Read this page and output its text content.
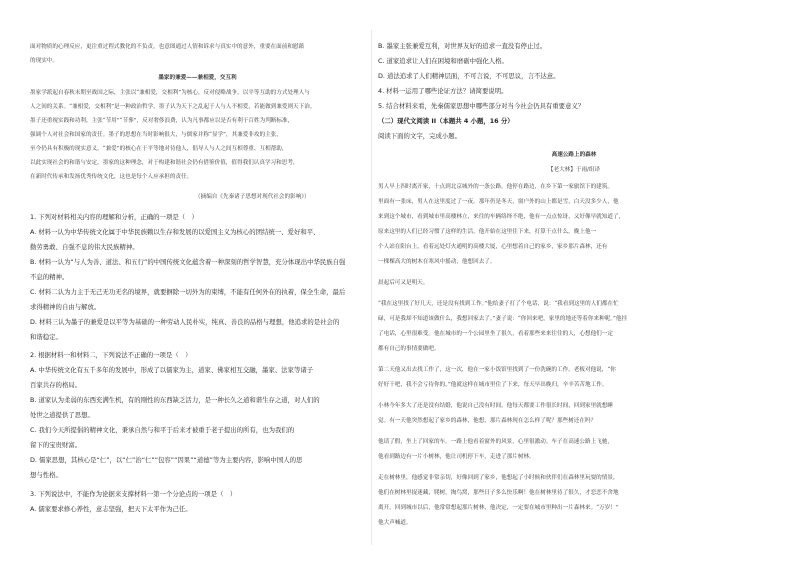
面对物质的心理反应，更注重过程式教化的不负责，也意图通过人情和诉求与真实中的意外，重要在面前和慰藉
的现实中。
墨家的兼爱——兼相爱，交互利
墨家学派起自春秋末期至战国之际，主张以“兼相爱，交相利”为核心，反对侵略战争，以平等互助的方式处理人与
人之间的关系。“兼相爱，交相利”是一种政治哲学，墨子认为天下之乱起于人与人不相爱，若能做到兼爱则天下治。
墨子还重视实践和功利，主张“节用”“节葬”，反对奢侈浪费，认为凡事都应以是否有利于百姓为判断标准，
强调个人对社会和国家的责任。墨子的思想在当时影响很大，与儒家并称“显学”，其兼爱非攻的主张，
至今仍具有积极的现实意义。“兼爱”的核心在于平等地对待他人，倡导人与人之间互相尊重、互相帮助，
以此实现社会的和谐与安定。墨家的这种理念，对于构建和谐社会仍有借鉴价值，值得我们认真学习和思考，
在新时代传承和发扬优秀传统文化，这也是每个人应承担的责任。
（摘编自《先秦诸子思想对现代社会的影响》）
1. 下列对材料相关内容的理解和分析，正确的一项是（　）
A. 材料一认为中华传统文化属于中华民族赖以生存和发展的以爱国主义为核心的团结统一、爱好和平、
勤劳勇敢、自强不息的伟大民族精神。
B. 材料一认为“与人为善、道法、和五行”的中国传统文化蕴含着一种深刻的哲学智慧，充分体现出中华民族自强
不息的精神。
C. 材料二认为力主于无己无功无名的境界，就要摒除一切外为的束缚，不能有任何外在的执着，保全生命，最后
求得精神的自由与解放。
D. 材料三认为墨子的兼爱是以平等为基础的一种劳动人民朴实，纯真、善良的品格与理想，他追求的是社会的
和谐稳定。
2. 根据材料一和材料二，下列说法不正确的一项是（　）
A. 中华传统文化有五千多年的发展中，形成了以儒家为主，道家、佛家相互交融，墨家、法家等诸子
百家共存的格局。
B. 道家认为柔弱的东西充满生机，有的刚性的东西缺乏活力，是一种长久之道和谐生存之道，对人们的
处世之道提供了思想。
C. 我们今天所提倡的精神文化，秉承自然与和平于后来才被重于老子提出的所有，也为我们的
留下的宝贵财富。
D. 儒家思想，其核心是“仁”，以“仁”治“仁”“包容”“因果”“道德”等为主要内容，影响中国人的思
想与性格。
3. 下列说法中，不能作为论据来支撑材料一第一个分论点的一项是（　）
A. 儒家要求修心养性，意志坚强，把天下太平作为己任。
B. 墨家主张兼爱互利，对世界友好的追求一直没有停止过。
C. 道家追求让人们在困境和磨砺中强化人格。
D. 道法追求了人们精神层面，不可言说，不可思议，言不达意。
4. 材料一运用了哪些论证方法？请简要说明。
5. 结合材料来看，先秦儒家思想中哪些部分对当今社会仍具有重要意义？
（二）现代文阅读 II（本题共 4 小题，16 分）
阅读下面的文字，完成小题。
高速公路上的森林
【老大林】于雨/组译
男人早上四时离开家，十点到北京城外的一条公路。他停在路边，在乡下第一家旅馆下的建筑。
里面有一张床，男人在这里度过了一夜。那年仍是冬天，窗户外的山上都是雪，白天没多少人，他
来到这个城市，看到城市里高楼林立，来往的车辆络绎不绝，他有一点点惊讶，又好像早就知道了，
原来这里的人们已经习惯了这样的生活，他开始在这里住下来，打算干点什么。晚上他一
个人站在阳台上，看着远处灯火通明的高楼大厦，心里想着自己的家乡，家乡那片森林，还有
一棵棵高大的树木在寒风中摇动，他想回去了。
晨起后可又是明天。
“我在这里找了好几天，还是没有找到工作。”他给妻子打了个电话，说：“我看到这里的人们都在忙
碌，可是我却不知道该做什么，我想回家去了。”妻子说：“你回来吧，家里的地还等着你来种呢。”他挂
了电话，心里很难受。他在城市的一个公园里坐了很久，看着那些来来往往的人，心想他们一定
都有自己的事情要做吧。
第二天他又出去找工作了，这一次，他在一家小饭馆里找到了一份洗碗的工作。老板对他说，“你
好好干吧，我不会亏待你的。”他就这样在城市里住了下来，每天早出晚归，辛辛苦苦地工作。
小林今年多大了还是没有结婚，他说自己没有时间，他每天都要工作很长时间，回到家里就想睡
觉。有一天他突然想起了家乡的森林，他想，那片森林现在怎么样了呢？那些树还在吗？
他请了假，坐上了回家的车。一路上他看着窗外的风景，心里很激动。车子在高速公路上飞驰，
他看到路边有一片小树林，他让司机停下车，走进了那片树林。
走在树林里，他感觉非常亲切，好像回到了家乡，他想起了小时候和伙伴们在森林里玩耍的情景，
他们在树林里捉迷藏，爬树，掏鸟窝，那些日子多么快乐啊！他在树林里待了很久，才恋恋不舍地
离开。回到城市以后，他常常想起那片树林，他决定，一定要在城市里种出一片森林来。“万岁！”
他大声喊道。
